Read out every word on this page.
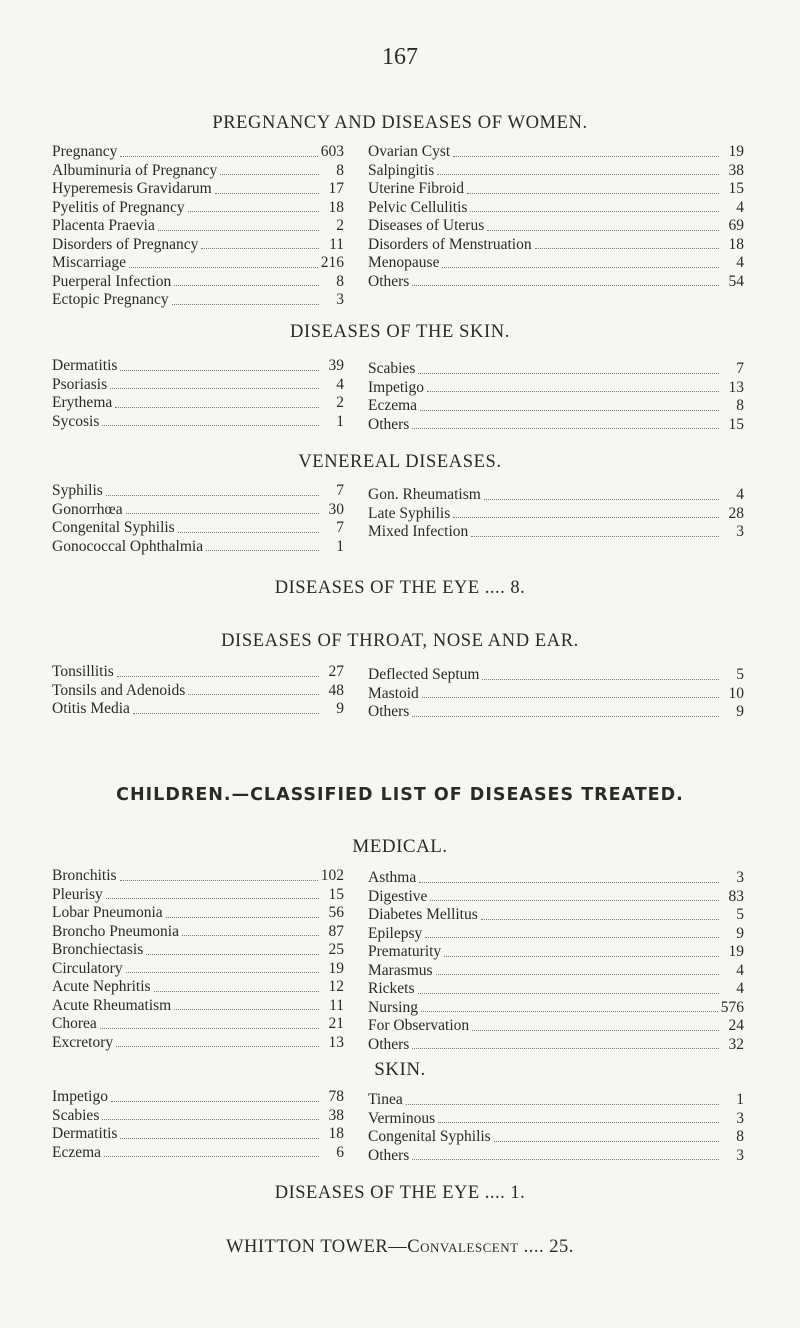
167
PREGNANCY AND DISEASES OF WOMEN.
Pregnancy	603
Albuminuria of Pregnancy	8
Hyperemesis Gravidarum	17
Pyelitis of Pregnancy	18
Placenta Praevia	2
Disorders of Pregnancy	11
Miscarriage	216
Puerperal Infection	8
Ectopic Pregnancy	3
Ovarian Cyst	19
Salpingitis	38
Uterine Fibroid	15
Pelvic Cellulitis	4
Diseases of Uterus	69
Disorders of Menstruation	18
Menopause	4
Others	54
DISEASES OF THE SKIN.
Dermatitis	39
Psoriasis	4
Erythema	2
Sycosis	1
Scabies	7
Impetigo	13
Eczema	8
Others	15
VENEREAL DISEASES.
Syphilis	7
Gonorrhœa	30
Congenital Syphilis	7
Gonococcal Ophthalmia	1
Gon. Rheumatism	4
Late Syphilis	28
Mixed Infection	3
DISEASES OF THE EYE .... 8.
DISEASES OF THROAT, NOSE AND EAR.
Tonsillitis	27
Tonsils and Adenoids	48
Otitis Media	9
Deflected Septum	5
Mastoid	10
Others	9
CHILDREN.—CLASSIFIED LIST OF DISEASES TREATED.
MEDICAL.
Bronchitis	102
Pleurisy	15
Lobar Pneumonia	56
Broncho Pneumonia	87
Bronchiectasis	25
Circulatory	19
Acute Nephritis	12
Acute Rheumatism	11
Chorea	21
Excretory	13
Asthma	3
Digestive	83
Diabetes Mellitus	5
Epilepsy	9
Prematurity	19
Marasmus	4
Rickets	4
Nursing	576
For Observation	24
Others	32
SKIN.
Impetigo	78
Scabies	38
Dermatitis	18
Eczema	6
Tinea	1
Verminous	3
Congenital Syphilis	8
Others	3
DISEASES OF THE EYE .... 1.
WHITTON TOWER—Convalescent .... 25.
